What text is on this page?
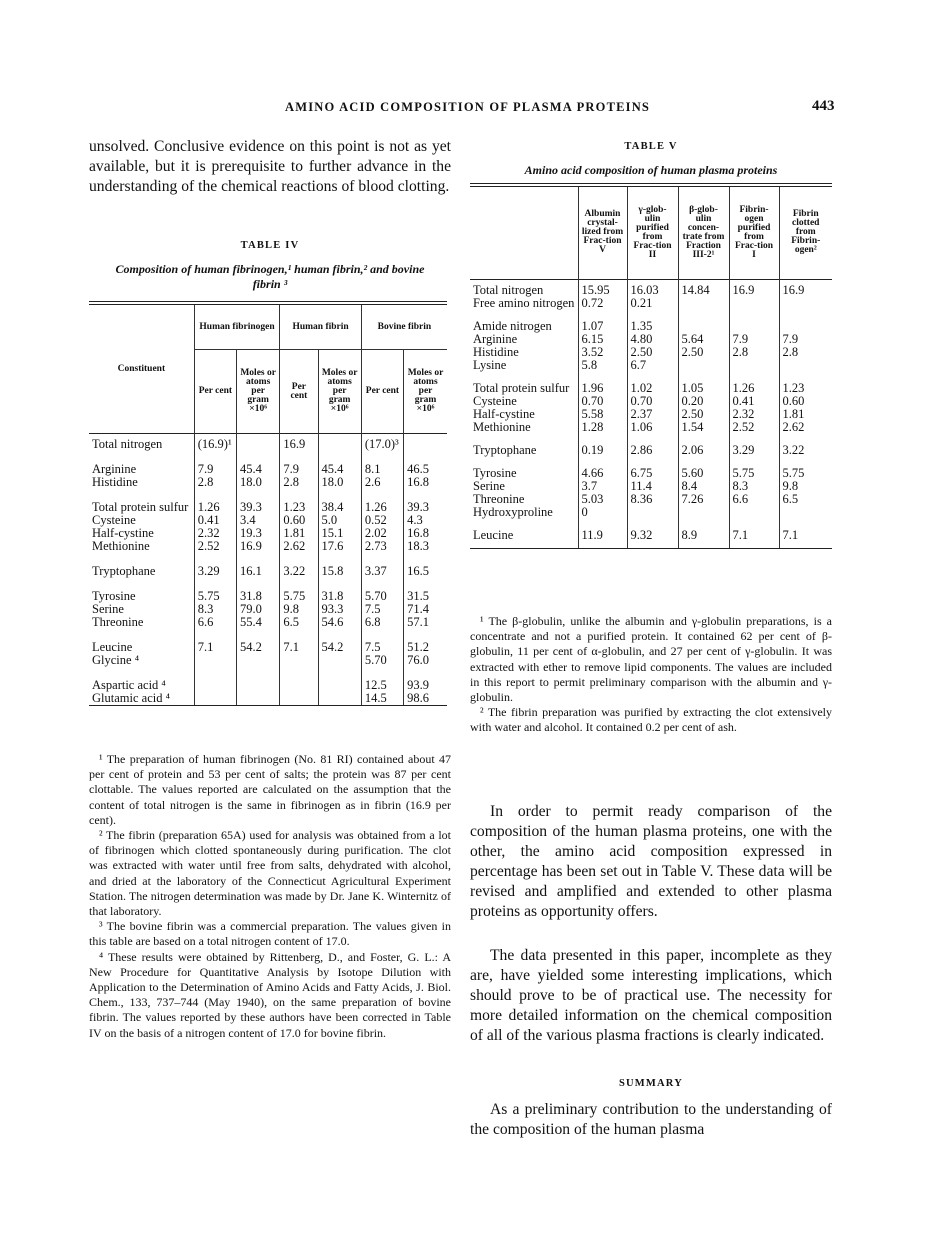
AMINO ACID COMPOSITION OF PLASMA PROTEINS	443
unsolved. Conclusive evidence on this point is not as yet available, but it is prerequisite to further advance in the understanding of the chemical reactions of blood clotting.
TABLE IV
Composition of human fibrinogen,¹ human fibrin,² and bovine fibrin ³
Constituent	Human fibrinogen		Human fibrin		Bovine fibrin	
	Per cent	Moles or atoms per gram ×10⁶	Per cent	Moles or atoms per gram ×10⁶	Per cent	Moles or atoms per gram ×10⁶
Total nitrogen	(16.9)¹		16.9		(17.0)³	
Arginine	7.9	45.4	7.9	45.4	8.1	46.5
Histidine	2.8	18.0	2.8	18.0	2.6	16.8
Total protein sulfur	1.26	39.3	1.23	38.4	1.26	39.3
Cysteine	0.41	3.4	0.60	5.0	0.52	4.3
Half-cystine	2.32	19.3	1.81	15.1	2.02	16.8
Methionine	2.52	16.9	2.62	17.6	2.73	18.3
Tryptophane	3.29	16.1	3.22	15.8	3.37	16.5
Tyrosine	5.75	31.8	5.75	31.8	5.70	31.5
Serine	8.3	79.0	9.8	93.3	7.5	71.4
Threonine	6.6	55.4	6.5	54.6	6.8	57.1
Leucine	7.1	54.2	7.1	54.2	7.5	51.2
Glycine ⁴					5.70	76.0
Aspartic acid ⁴					12.5	93.9
Glutamic acid ⁴					14.5	98.6

¹ The preparation of human fibrinogen (No. 81 RI) contained about 47 per cent of protein and 53 per cent of salts; the protein was 87 per cent clottable. The values reported are calculated on the assumption that the content of total nitrogen is the same in fibrinogen as in fibrin (16.9 per cent).

² The fibrin (preparation 65A) used for analysis was obtained from a lot of fibrinogen which clotted spontaneously during purification. The clot was extracted with water until free from salts, dehydrated with alcohol, and dried at the laboratory of the Connecticut Agricultural Experiment Station. The nitrogen determination was made by Dr. Jane K. Winternitz of that laboratory.

³ The bovine fibrin was a commercial preparation. The values given in this table are based on a total nitrogen content of 17.0.

⁴ These results were obtained by Rittenberg, D., and Foster, G. L.: A New Procedure for Quantitative Analysis by Isotope Dilution with Application to the Determination of Amino Acids and Fatty Acids, J. Biol. Chem., 133, 737–744 (May 1940), on the same preparation of bovine fibrin. The values reported by these authors have been corrected in Table IV on the basis of a nitrogen content of 17.0 for bovine fibrin.

TABLE V
Amino acid composition of human plasma proteins
	Albumin crystal-lized from Frac-tion V	γ-glob-ulin purified from Frac-tion II	β-glob-ulin concen-trate from Fraction III-2¹	Fibrin-ogen purified from Frac-tion I	Fibrin clotted from Fibrin-ogen²
Total nitrogen	15.95	16.03	14.84	16.9	16.9
Free amino nitrogen	0.72	0.21			
Amide nitrogen	1.07	1.35			
Arginine	6.15	4.80	5.64	7.9	7.9
Histidine	3.52	2.50	2.50	2.8	2.8
Lysine	5.8	6.7			
Total protein sulfur	1.96	1.02	1.05	1.26	1.23
Cysteine	0.70	0.70	0.20	0.41	0.60
Half-cystine	5.58	2.37	2.50	2.32	1.81
Methionine	1.28	1.06	1.54	2.52	2.62
Tryptophane	0.19	2.86	2.06	3.29	3.22
Tyrosine	4.66	6.75	5.60	5.75	5.75
Serine	3.7	11.4	8.4	8.3	9.8
Threonine	5.03	8.36	7.26	6.6	6.5
Hydroxyproline	0				
Leucine	11.9	9.32	8.9	7.1	7.1

¹ The β-globulin, unlike the albumin and γ-globulin preparations, is a concentrate and not a purified protein. It contained 62 per cent of β-globulin, 11 per cent of α-globulin, and 27 per cent of γ-globulin. It was extracted with ether to remove lipid components. The values are included in this report to permit preliminary comparison with the albumin and γ-globulin.

² The fibrin preparation was purified by extracting the clot extensively with water and alcohol. It contained 0.2 per cent of ash.

In order to permit ready comparison of the composition of the human plasma proteins, one with the other, the amino acid composition expressed in percentage has been set out in Table V. These data will be revised and amplified and extended to other plasma proteins as opportunity offers.
The data presented in this paper, incomplete as they are, have yielded some interesting implications, which should prove to be of practical use. The necessity for more detailed information on the chemical composition of all of the various plasma fractions is clearly indicated.
SUMMARY
As a preliminary contribution to the understanding of the composition of the human plasma
